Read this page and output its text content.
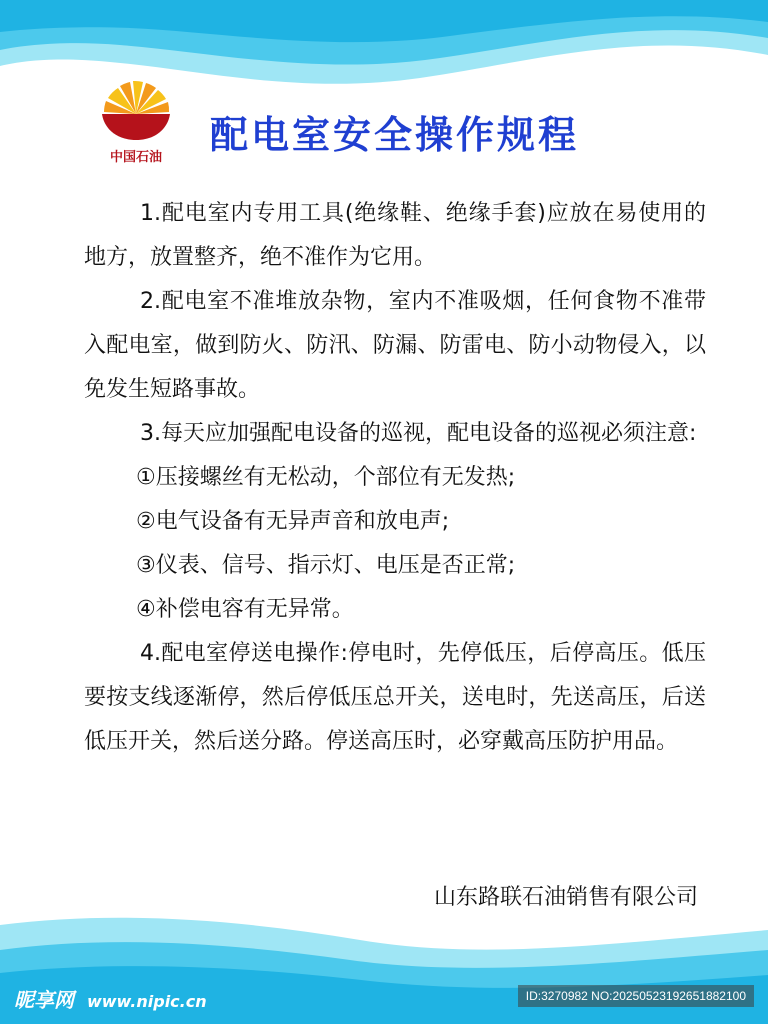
中国石油
配电室安全操作规程

1.配电室内专用工具(绝缘鞋、绝缘手套)应放在易使用的地方，放置整齐，绝不准作为它用。

2.配电室不准堆放杂物，室内不准吸烟，任何食物不准带入配电室，做到防火、防汛、防漏、防雷电、防小动物侵入，以免发生短路事故。

3.每天应加强配电设备的巡视，配电设备的巡视必须注意:

①压接螺丝有无松动，个部位有无发热;

②电气设备有无异声音和放电声;

③仪表、信号、指示灯、电压是否正常;

④补偿电容有无异常。

4.配电室停送电操作:停电时，先停低压，后停高压。低压要按支线逐渐停，然后停低压总开关，送电时，先送高压，后送低压开关，然后送分路。停送高压时，必穿戴高压防护用品。

山东路联石油销售有限公司
昵享网 www.nipic.cn	ID:3270982 NO:20250523192651882100
